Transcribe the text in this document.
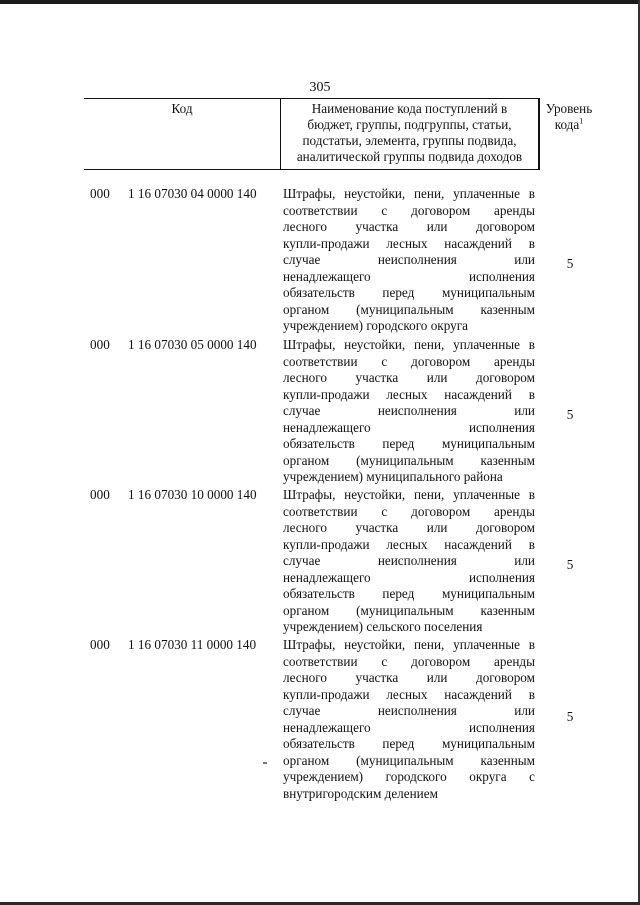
305
Код	Наименование кода поступлений в
бюджет, группы, подгруппы, статьи,
подстатьи, элемента, группы подвида,
аналитической группы подвида доходов
Уровень
кода$^1$
000 1 16 07030 04 0000 140 Штрафы, неустойки, пени, уплаченные в
соответствии с договором аренды
лесного участка или договором
купли-продажи лесных насаждений в
случае неисполнения или
ненадлежащего исполнения
обязательств перед муниципальным
органом (муниципальным казенным
учреждением) городского округа
5
000 1 16 07030 05 0000 140 Штрафы, неустойки, пени, уплаченные в
соответствии с договором аренды
лесного участка или договором
купли-продажи лесных насаждений в
случае неисполнения или
ненадлежащего исполнения
обязательств перед муниципальным
органом (муниципальным казенным
учреждением) муниципального района
5
000 1 16 07030 10 0000 140 Штрафы, неустойки, пени, уплаченные в
соответствии с договором аренды
лесного участка или договором
купли-продажи лесных насаждений в
случае неисполнения или
ненадлежащего исполнения
обязательств перед муниципальным
органом (муниципальным казенным
учреждением) сельского поселения
5
000 1 16 07030 11 0000 140 Штрафы, неустойки, пени, уплаченные в
соответствии с договором аренды
лесного участка или договором
купли-продажи лесных насаждений в
случае неисполнения или
ненадлежащего исполнения
обязательств перед муниципальным
органом (муниципальным казенным
учреждением) городского округа с
внутригородским делением
5
